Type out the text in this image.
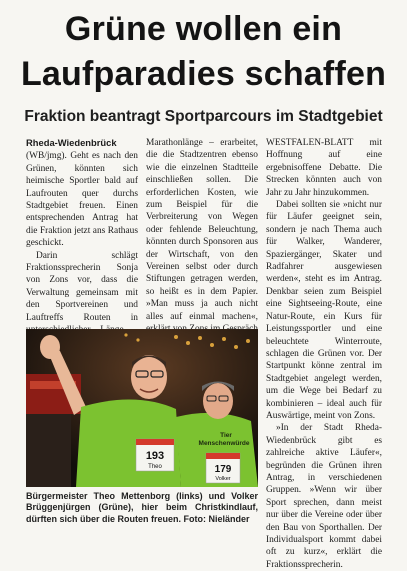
Grüne wollen ein
Laufparadies schaffen
Fraktion beantragt Sportparcours im Stadtgebiet

Rheda-Wiedenbrück
(WB/jmg). Geht es nach den Grünen, könnten sich heimische Sportler bald auf Laufrouten quer durchs Stadtgebiet freuen. Einen entsprechenden Antrag hat die Fraktion jetzt ans Rathaus geschickt.

Darin schlägt Fraktionssprecherin Sonja von Zons vor, dass die Verwaltung gemeinsam mit den Sportvereinen und Lauftreffs Routen in

Marathonlänge – erarbeitet, die die Stadtzentren ebenso wie die einzelnen Stadtteile einschließen sollen. Die erforderlichen Kosten, wie zum Beispiel für die Verbreiterung von Wegen oder fehlende Beleuchtung, könnten durch Sponsoren aus der Wirtschaft, von den Vereinen selbst oder durch Stiftungen getragen werden, so heißt es in dem Papier. »Man muss ja auch nicht alles auf einmal machen«,

WESTFALEN-BLATT mit Hoffnung auf eine ergebnisoffene Debatte. Die Strecken könnten auch von Jahr zu Jahr hinzukommen.

Dabei sollten sie »nicht nur für Läufer geeignet sein, sondern je nach Thema auch für Walker, Wanderer, Spaziergänger, Skater und Radfahrer ausgewiesen werden«, steht es im Antrag. Denkbar seien zum Beispiel eine Sightseeing-Route, eine Natur-Route, ein Kurs für Leistungssportler und eine beleuchtete Winterroute, schlagen die Grünen vor. Der Startpunkt könne zentral im Stadtgebiet angelegt werden, um die Wege bei Bedarf zu kombinieren – ideal auch für Auswärtige, meint von Zons.

»In der Stadt Rheda-Wiedenbrück gibt es zahlreiche aktive Läufer«, begründen die Grünen ihren Antrag, in verschiedenen Gruppen. »Wenn wir über Sport sprechen, dann meist nur über die Vereine oder über den Bau von Sporthallen. Der Individualsport kommt dabei oft zu kurz«, erklärt die Fraktionssprecherin.

193
Theo
Tier
Menschenwürde
179
Volker
Bürgermeister Theo Mettenborg (links) und Volker Brüggenjürgen (Grüne), hier beim Christkindlauf, dürften sich über die Routen freuen. Foto: Nieländer
